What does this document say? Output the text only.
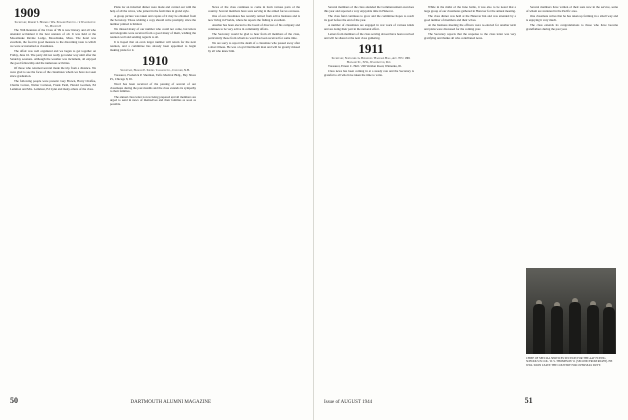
1909

Secretary, Robert J. Holmes / Wm. Edward Pope Co. / 2 Washington St., Boston 8

The 35th Reunion of the Class of '09 is now history and all who attended acclaimed it the best reunion of all. It was held at the Moosilauke Ravine Lodge, Moosilauke, Mass. The hotel was excellent, the food in good measure to the discerning taste to which we were accustomed as classmates.

The affair was well organized and we began to get together on Friday, June 16. The party did not really get under way until after the Saturday sessions. Although the weather was inclement, all enjoyed the good fellowship and the numerous activities.

Of those who returned several made the trip from a distance. We were glad to see the faces of the classmates whom we have not seen since graduation.

The following people were present: Guy Brown, Harry Chaffee, Charlie Cotton, Walter Carleton, Frank Field, Harold Gorman, Ed Lemmon and Mrs. Lemmon, Ed Lynn and many others of the class.

Plans for an informal dinner were made and carried out with the help of all the wives, who joined in the festivities in grand style.

A group picture was taken and copies of it may be obtained from the Secretary. Those wishing a copy should write promptly, since the number printed is limited.

We missed many of our number who could not come, but letters and telegrams were received from a good many of them, wishing the reunion well and sending regards to all.

It is hoped that an even larger number will return for the next reunion, and a committee has already been appointed to begin making plans for it.

1910

Secretary, Harold E. Shedd / Carlson Co., Concord, N.H.

Treasurer, Frederick P. Sherman, Tufts Medical Bldg., Bay Shore Pl., Chicago 8, Ill.

Word has been received of the passing of several of our classmates during the past months and the class extends its sympathy to their families.

The annual class letter is now being prepared and all members are urged to send in news of themselves and their families as soon as possible.

News of the class continues to come in from various parts of the country. Several members have sons serving in the armed forces overseas.

One of our classmates has recently retired from active business and is now living in Florida, where he reports the fishing is excellent.

Another has been elected to the board of directors of his company and continues to be very active in community affairs.

The Secretary would be glad to hear from all members of the class, particularly those from whom no word has been received for some time.

We are sorry to report the death of a classmate who passed away after a short illness. He was a loyal Dartmouth man and will be greatly missed by all who knew him.

50	DARTMOUTH ALUMNI MAGAZINE

Several members of the class attended the Commencement exercises this year and reported a very enjoyable time in Hanover.

The class fund continues to grow and the committee hopes to reach its goal before the end of the year.

A number of classmates are engaged in war work of various kinds and are doing their part in the national effort.

Letters from members of the class serving abroad have been received and will be shared at the next class gathering.

1911

Secretary, Nathaniel G. Burleigh / Harvard Hall, Apt. 703 / 1801 Harvard St., N.W., Washington, D.C.

Treasurer, Ernest C. Hall / 200 Weldon Road, Winnetka, Ill.

Class news has been coming in at a steady rate and the Secretary is grateful to all who have taken the time to write.

While in the midst of the June battle, it was also to be noted that a large group of our classmates gathered in Hanover for the annual meeting.

The class dinner was held at the Hanover Inn and was attended by a good number of members and their wives.

At the business meeting the officers were re-elected for another term and plans were discussed for the coming year.

The Secretary reports that the response to the class letter was very gratifying and thanks all who contributed news.

Several members have written of their sons now in the service, some of whom are stationed in the Pacific area.

One classmate writes that he has taken up farming in a small way and is enjoying it very much.

The class extends its congratulations to those who have become grandfathers during the past year.

CHIEF OF SPECIAL SERVICES SECTION FOR THE AAF FLYING SCHOOLS IS COL. W. S. THOMPSON '11 (SECOND FROM RIGHT). HE WILL SOON LEAVE THE COUNTRY FOR OVERSEAS DUTY.
Issue of AUGUST 1944	51
